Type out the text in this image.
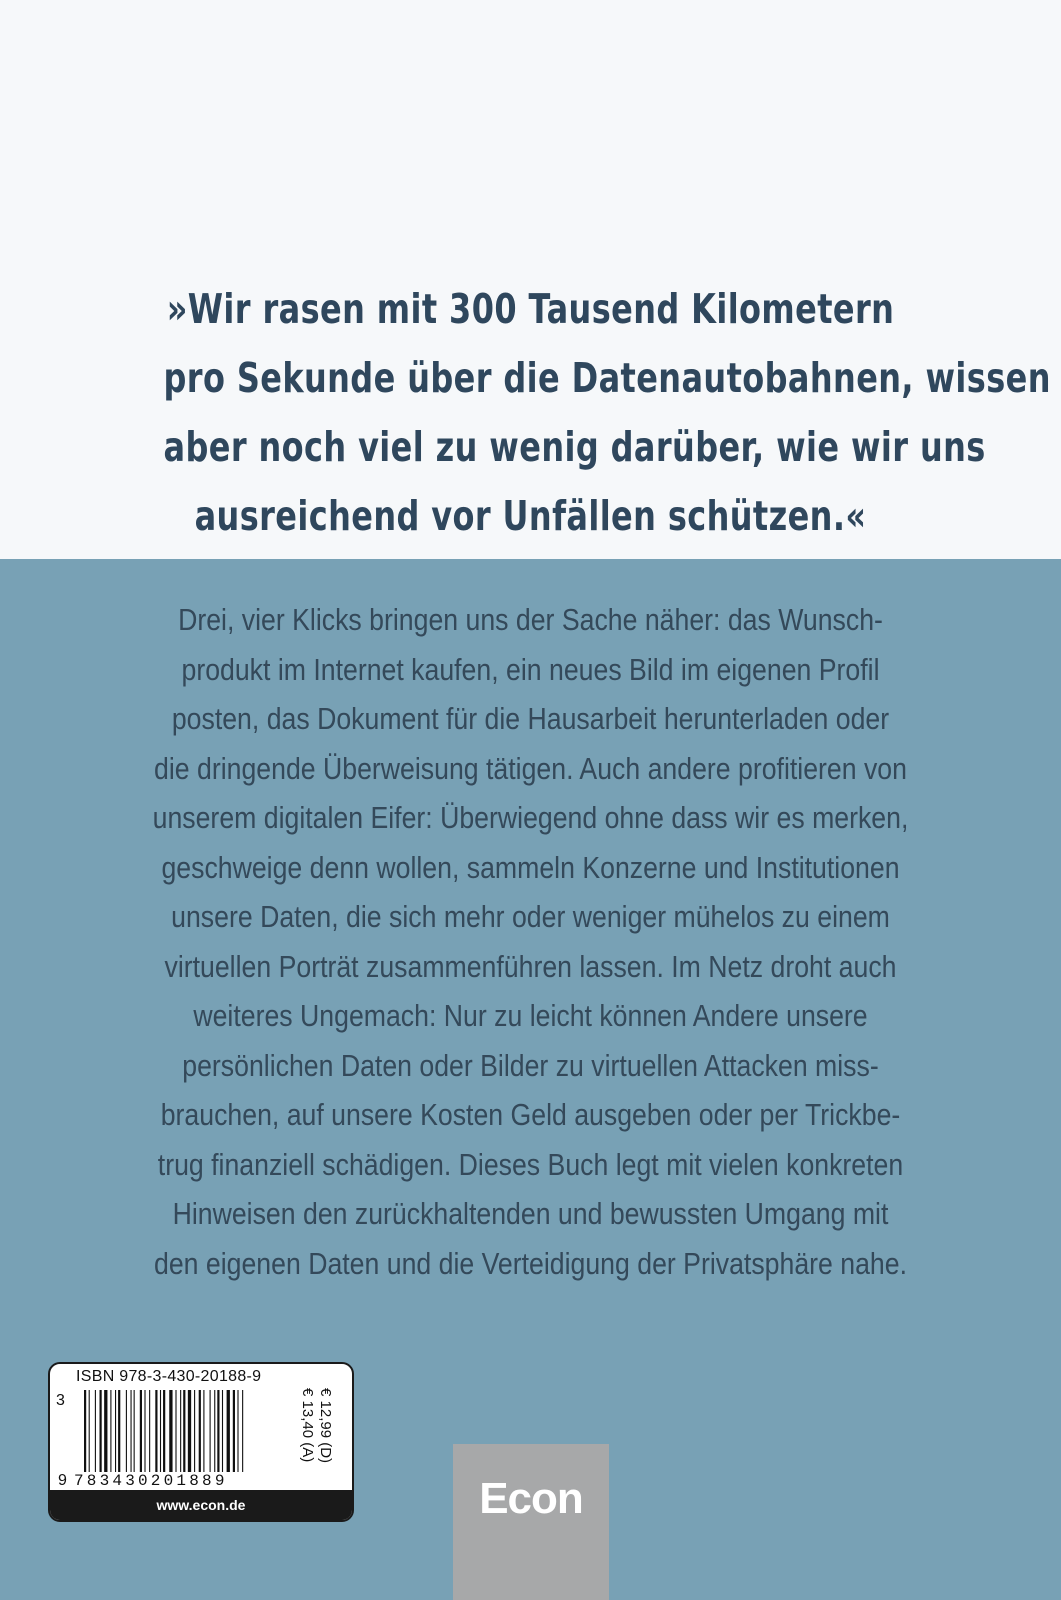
»Wir rasen mit 300 Tausend Kilometern
pro Sekunde über die Datenautobahnen, wissen
aber noch viel zu wenig darüber, wie wir uns
ausreichend vor Unfällen schützen.«

Drei, vier Klicks bringen uns der Sache näher: das Wunsch-
produkt im Internet kaufen, ein neues Bild im eigenen Profil
posten, das Dokument für die Hausarbeit herunterladen oder
die dringende Überweisung tätigen. Auch andere profitieren von
unserem digitalen Eifer: Überwiegend ohne dass wir es merken,
geschweige denn wollen, sammeln Konzerne und Institutionen
unsere Daten, die sich mehr oder weniger mühelos zu einem
virtuellen Porträt zusammenführen lassen. Im Netz droht auch
weiteres Ungemach: Nur zu leicht können Andere unsere
persönlichen Daten oder Bilder zu virtuellen Attacken miss-
brauchen, auf unsere Kosten Geld ausgeben oder per Trickbe-
trug finanziell schädigen. Dieses Buch legt mit vielen konkreten
Hinweisen den zurückhaltenden und bewussten Umgang mit
den eigenen Daten und die Verteidigung der Privatsphäre nahe.

ISBN 978-3-430-20188-9
3
9 783430201889
€ 12,99 (D)
€ 13,40 (A)
www.econ.de	Econ
